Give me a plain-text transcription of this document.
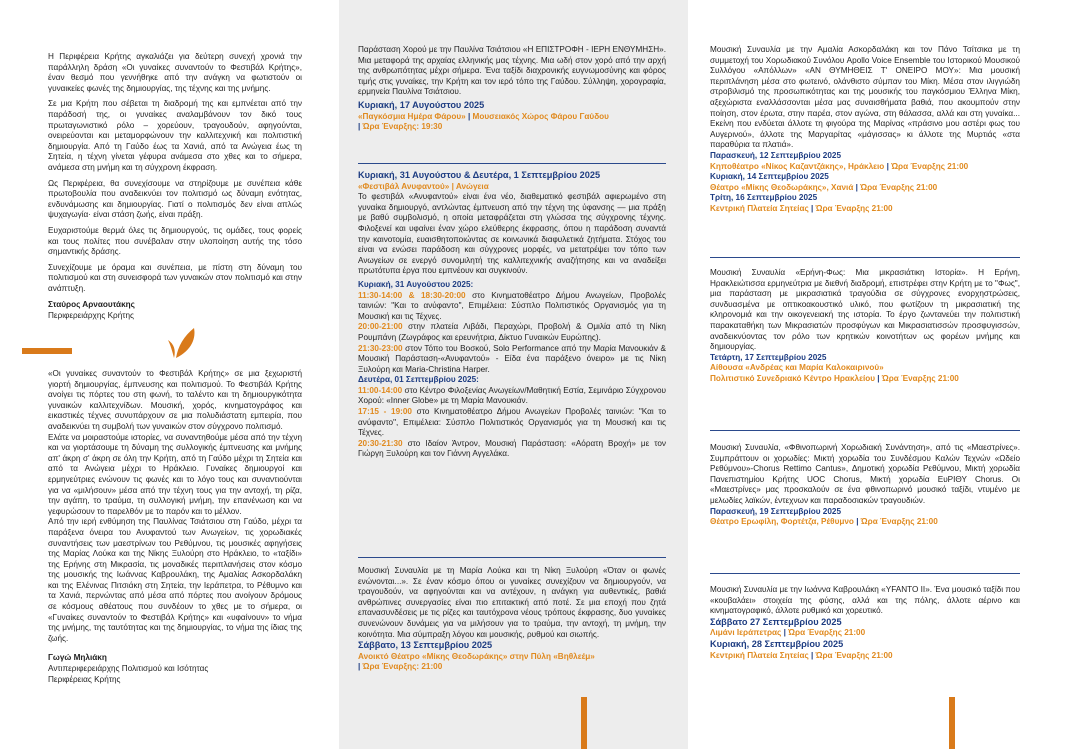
Η Περιφέρεια Κρήτης αγκαλιάζει για δεύτερη συνεχή χρονιά την παράλληλη δράση «Οι γυναίκες συναντούν το Φεστιβάλ Κρήτης», έναν θεσμό που γεννήθηκε από την ανάγκη να φωτιστούν οι γυναικείες φωνές της δημιουργίας, της τέχνης και της μνήμης.

Σε μια Κρήτη που σέβεται τη διαδρομή της και εμπνέεται από την παράδοσή της, οι γυναίκες αναλαμβάνουν τον δικό τους πρωταγωνιστικό ρόλο – χορεύουν, τραγουδούν, αφηγούνται, ονειρεύονται και μεταμορφώνουν την καλλιτεχνική και πολιτιστική δημιουργία. Από τη Γαύδο έως τα Χανιά, από τα Ανώγεια έως τη Σητεία, η τέχνη γίνεται γέφυρα ανάμεσα στο χθες και το σήμερα, ανάμεσα στη μνήμη και τη σύγχρονη έκφραση.

Ως Περιφέρεια, θα συνεχίσουμε να στηρίζουμε με συνέπεια κάθε πρωτοβουλία που αναδεικνύει τον πολιτισμό ως δύναμη ενότητας, ενδυνάμωσης και δημιουργίας. Γιατί ο πολιτισμός δεν είναι απλώς ψυχαγωγία· είναι στάση ζωής, είναι πράξη.

Ευχαριστούμε θερμά όλες τις δημιουργούς, τις ομάδες, τους φορείς και τους πολίτες που συνέβαλαν στην υλοποίηση αυτής της τόσο σημαντικής δράσης.

Συνεχίζουμε με όραμα και συνέπεια, με πίστη στη δύναμη του πολιτισμού και στη συνεισφορά των γυναικών στον πολιτισμό και στην ανάπτυξη.

Σταύρος Αρναουτάκης

Περιφερειάρχης Κρήτης

«Οι γυναίκες συναντούν το Φεστιβάλ Κρήτης» σε μια ξεχωριστή γιορτή δημιουργίας, έμπνευσης και πολιτισμού. Το Φεστιβάλ Κρήτης ανοίγει τις πόρτες του στη φωνή, το ταλέντο και τη δημιουργικότητα γυναικών καλλιτεχνίδων. Μουσική, χορός, κινηματογράφος και εικαστικές τέχνες συνυπάρχουν σε μια πολυδιάστατη εμπειρία, που αναδεικνύει τη συμβολή των γυναικών στον σύγχρονο πολιτισμό.

Ελάτε να μοιραστούμε ιστορίες, να συναντηθούμε μέσα από την τέχνη και να γιορτάσουμε τη δύναμη της συλλογικής έμπνευσης και μνήμης απ' άκρη σ' άκρη σε όλη την Κρήτη, από τη Γαύδο μέχρι τη Σητεία και από τα Ανώγεια μέχρι το Ηράκλειο. Γυναίκες δημιουργοί και ερμηνεύτριες ενώνουν τις φωνές και το λόγο τους και συναντιούνται για να «μιλήσουν» μέσα από την τέχνη τους για την αντοχή, τη ρίζα, την αγάπη, το τραύμα, τη συλλογική μνήμη, την επανένωση και να γεφυρώσουν το παρελθόν με το παρόν και το μέλλον.

Από την ιερή ενθύμηση της Παυλίνας Τσιάτσιου στη Γαύδο, μέχρι τα παράξενα όνειρα του Ανυφαντού των Ανωγείων, τις χορωδιακές συναντήσεις των μαεστρίνων του Ρεθύμνου, τις μουσικές αφηγήσεις της Μαρίας Λούκα και της Νίκης Ξυλούρη στο Ηράκλειο, το «ταξίδι» της Ερήνης στη Μικρασία, τις μοναδικές περιπλανήσεις στον κόσμο της μουσικής της Ιωάννας Καβρουλάκη, της Αμαλίας Ασκορδαλάκη και της Ελένινας Πιτσιάκη στη Σητεία, την Ιεράπετρα, το Ρέθυμνο και τα Χανιά, περνώντας από μέσα από πόρτες που ανοίγουν δρόμους σε κόσμους αθέατους που συνδέουν το χθες με το σήμερα, οι «Γυναίκες συναντούν το Φεστιβάλ Κρήτης» και «υφαίνουν» το νήμα της μνήμης, της ταυτότητας και της δημιουργίας, το νήμα της ίδιας της ζωής.

Γωγώ Μηλιάκη

Αντιπεριφερειάρχης Πολιτισμού και Ισότητας

Περιφέρειας Κρήτης

Παράσταση Χορού με την Παυλίνα Τσιάτσιου «Η ΕΠΙΣΤΡΟΦΗ - ΙΕΡΗ ΕΝΘΥΜΗΣΗ». Μια μεταφορά της αρχαίας ελληνικής μας τέχνης. Μια ωδή στον χορό από την αρχή της ανθρωπότητας μέχρι σήμερα. Ένα ταξίδι διαχρονικής ευγνωμοσύνης και φόρος τιμής στις γυναίκες, την Κρήτη και τον ιερό τόπο της Γαύδου. Σύλληψη, χορογραφία, ερμηνεία Παυλίνα Τσιάτσιου.

Κυριακή, 17 Αυγούστου 2025

«Παγκόσμια Ημέρα Φάρου» | Μουσειακός Χώρος Φάρου Γαύδου

| Ώρα Έναρξης: 19:30

Κυριακή, 31 Αυγούστου & Δευτέρα, 1 Σεπτεμβρίου 2025

«Φεστιβάλ Ανυφαντού» | Ανώγεια

Το φεστιβάλ «Ανυφαντού» είναι ένα νέο, διαθεματικό φεστιβάλ αφιερωμένο στη γυναίκα δημιουργό, αντλώντας έμπνευση από την τέχνη της ύφανσης — μια πράξη με βαθύ συμβολισμό, η οποία μεταφράζεται στη γλώσσα της σύγχρονης τέχνης. Φιλοξενεί και υφαίνει έναν χώρο ελεύθερης έκφρασης, όπου η παράδοση συναντά την καινοτομία, ευαισθητοποιώντας σε κοινωνικά διαφυλετικά ζητήματα. Στόχος του είναι να ενώσει παράδοση και σύγχρονες μορφές, να μετατρέψει τον τόπο των Ανωγείων σε ενεργό συνομιλητή της καλλιτεχνικής αναζήτησης και να αναδείξει πρωτότυπα έργα που εμπνέουν και συγκινούν.

Κυριακή, 31 Αυγούστου 2025:

11:30-14:00 & 18:30-20:00 στο Κινηματοθέατρο Δήμου Ανωγείων, Προβολές ταινιών: "Και το ανύφαντο", Επιμέλεια: Σύσπλο Πολιτιστικός Οργανισμός για τη Μουσική και τις Τέχνες.

20:00-21:00 στην πλατεία Λιβάδι, Περαχώρι, Προβολή & Ομιλία από τη Νίκη Ρουμπάνη (Ζωγράφος και ερευνήτρια, Δίκτυο Γυναικών Ευρώπης).

21:30-23:00 στον Τόπο του Βοσκού, Solo Performance από την Μαρία Μανουκιάν & Μουσική Παράσταση-«Ανυφαντού» - Είδα ένα παράξενο όνειρο» με τις Νίκη Ξυλούρη και Maria-Christina Harper.

Δευτέρα, 01 Σεπτεμβρίου 2025:

11:00-14:00 στο Κέντρο Φιλοξενίας Ανωγείων/Μαθητική Εστία, Σεμινάριο Σύγχρονου Χορού: «Inner Globe» με τη Μαρία Μανουκιάν.

17:15 - 19:00 στο Κινηματοθέατρο Δήμου Ανωγείων Προβολές ταινιών: "Και το ανύφαντο", Επιμέλεια: Σύσπλο Πολιτιστικός Οργανισμός για τη Μουσική και τις Τέχνες.

20:30-21:30 στο Ιδαίον Άντρον, Μουσική Παράσταση: «Αόρατη Βροχή» με τον Γιώργη Ξυλούρη και τον Γιάννη Αγγελάκα.

Μουσική Συναυλία με τη Μαρία Λούκα και τη Νίκη Ξυλούρη «Όταν οι φωνές ενώνονται...». Σε έναν κόσμο όπου οι γυναίκες συνεχίζουν να δημιουργούν, να τραγουδούν, να αφηγούνται και να αντέχουν, η ανάγκη για αυθεντικές, βαθιά ανθρώπινες συνεργασίες είναι πιο επιτακτική από ποτέ. Σε μια εποχή που ζητά επανασυνδέσεις με τις ρίζες και ταυτόχρονα νέους τρόπους έκφρασης, δυο γυναίκες συνενώνουν δυνάμεις για να μιλήσουν για το τραύμα, την αντοχή, τη μνήμη, την κοινότητα. Μια σύμπραξη λόγου και μουσικής, ρυθμού και σιωπής.

Σάββατο, 13 Σεπτεμβρίου 2025

Ανοικτό Θέατρο «Μίκης Θεοδωράκης» στην Πύλη «Βηθλεέμ»

| Ώρα Έναρξης: 21:00

Μουσική Συναυλία με την Αμαλία Ασκορδαλάκη και τον Πάνο Τσίτσικα με τη συμμετοχή του Χορωδιακού Συνόλου Apollo Voice Ensemble του Ιστορικού Μουσικού Συλλόγου «Απόλλων» «ΑΝ ΘΥΜΗΘΕΙΣ Τ' ΟΝΕΙΡΟ ΜΟΥ»: Μια μουσική περιπλάνηση μέσα στο φωτεινό, ολάνθιστο σύμπαν του Μίκη. Μέσα στον ιλιγγιώδη στροβιλισμό της προσωπικότητας και της μουσικής του παγκόσμιου Έλληνα Μίκη, αξεχώριστα εναλλάσσονται μέσα μας συναισθήματα βαθιά, που ακουμπούν στην ποίηση, στον έρωτα, στην παρέα, στον αγώνα, στη θάλασσα, αλλά και στη γυναίκα... Εκείνη που ενδύεται άλλοτε τη φιγούρα της Μαρίνας «πράσινο μου αστέρι φως του Αυγερινού», άλλοτε της Μαργαρίτας «μάγισσας» κι άλλοτε της Μυρτιάς «στα παραθύρια τα πλατιά».

Παρασκευή, 12 Σεπτεμβρίου 2025

Κηποθέατρο «Νίκος Καζαντζάκης», Ηράκλειο | Ώρα Έναρξης 21:00

Κυριακή, 14 Σεπτεμβρίου 2025

Θέατρο «Μίκης Θεοδωράκης», Χανιά | Ώρα Έναρξης 21:00

Τρίτη, 16 Σεπτεμβρίου 2025

Κεντρική Πλατεία Σητείας | Ώρα Έναρξης 21:00

Μουσική Συναυλία «Ερήνη-Φως: Μια μικρασιάτικη Ιστορία». Η Ερήνη, Ηρακλειώτισσα ερμηνεύτρια με διεθνή διαδρομή, επιστρέφει στην Κρήτη με το "Φως", μια παράσταση με μικρασιατικά τραγούδια σε σύγχρονες ενορχηστρώσεις, συνδυασμένα με οπτικοακουστικό υλικό, που φωτίζουν τη μικρασιατική της κληρονομιά και την οικογενειακή της ιστορία. Το έργο ζωντανεύει την πολιτιστική παρακαταθήκη των Μικρασιατών προσφύγων και Μικρασιατισσών προσφυγισσών, αναδεικνύοντας τον ρόλο των κρητικών κοινοτήτων ως φορέων μνήμης και δημιουργίας.

Τετάρτη, 17 Σεπτεμβρίου 2025

Αίθουσα «Ανδρέας και Μαρία Καλοκαιρινού»

Πολιτιστικό Συνεδριακό Κέντρο Ηρακλείου | Ώρα Έναρξης 21:00

Μουσική Συναυλία, «Φθινοπωρινή Χορωδιακή Συνάντηση», από τις «Μαεστρίνες». Συμπράττουν οι χορωδίες: Μικτή χορωδία του Συνδέσμου Καλών Τεχνών «Ωδείο Ρεθύμνου»-Chorus Rettimo Cantus», Δημοτική χορωδία Ρεθύμνου, Μικτή χορωδία Πανεπιστημίου Κρήτης UOC Chorus, Μικτή χορωδία ΕυΡΙΘΥ Chorus. Οι «Μαεστρίνες» μας προσκαλούν σε ένα φθινοπωρινό μουσικό ταξίδι, ντυμένο με μελωδίες λαϊκών, έντεχνων και παραδοσιακών τραγουδιών.

Παρασκευή, 19 Σεπτεμβρίου 2025

Θέατρο Ερωφίλη, Φορτέτζα, Ρέθυμνο | Ώρα Έναρξης 21:00

Μουσική Συναυλία με την Ιωάννα Καβρουλάκη «YFANTO II». Ένα μουσικό ταξίδι που «κουβαλάει» στοιχεία της φύσης, αλλά και της πόλης, άλλοτε αέρινο και κινηματογραφικό, άλλοτε ρυθμικό και χορευτικό.

Σάββατο 27 Σεπτεμβρίου 2025

Λιμάνι Ιεράπετρας | Ώρα Έναρξης 21:00

Κυριακή, 28 Σεπτεμβρίου 2025

Κεντρική Πλατεία Σητείας | Ώρα Έναρξης 21:00
